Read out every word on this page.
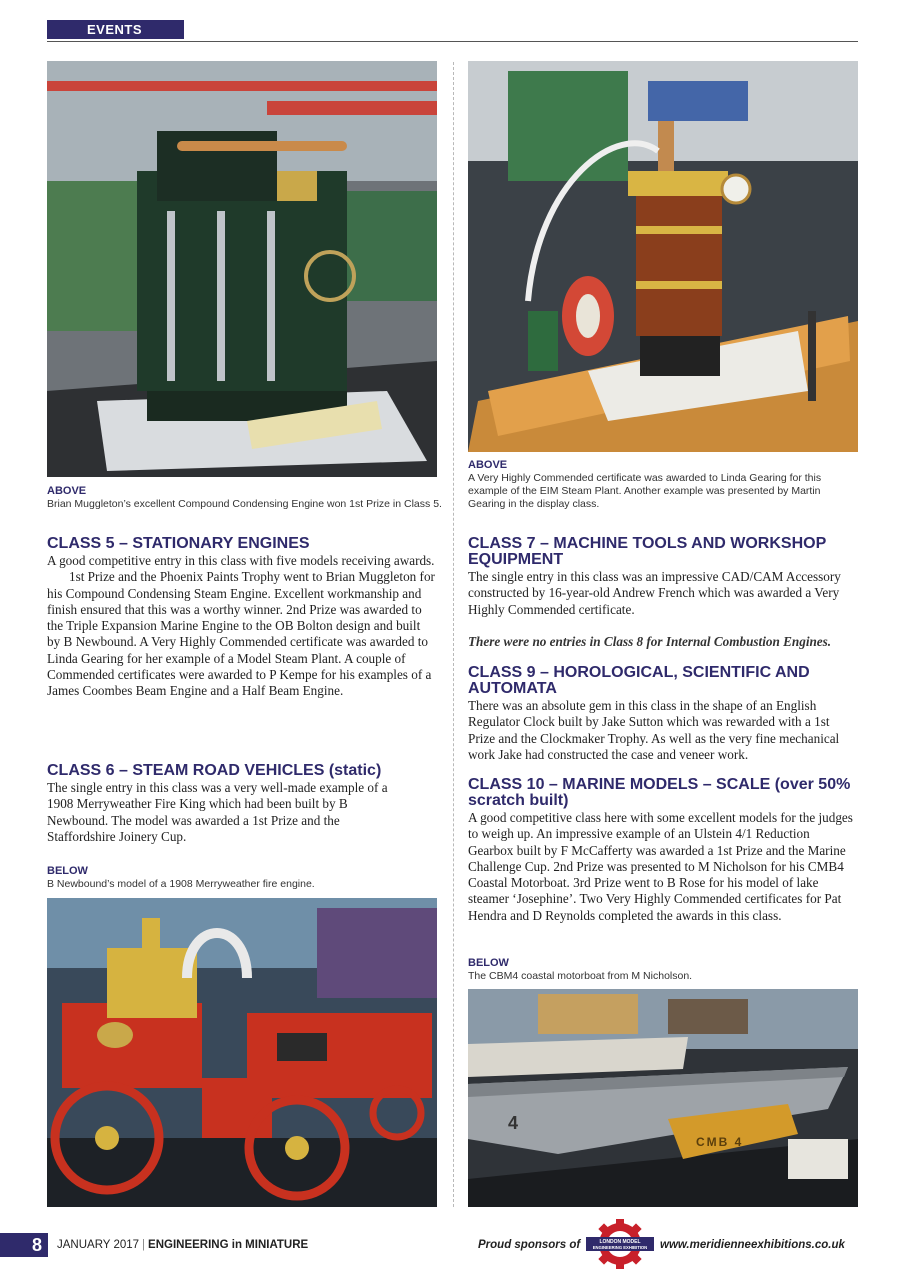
EVENTS
ABOVE
Brian Muggleton’s excellent Compound Condensing Engine won 1st Prize in Class 5.
ABOVE
A Very Highly Commended certificate was awarded to Linda Gearing for this example of the EIM Steam Plant. Another example was presented by Martin Gearing in the display class.
CLASS 5 – STATIONARY ENGINES

A good competitive entry in this class with five models receiving awards.

1st Prize and the Phoenix Paints Trophy went to Brian Muggleton for his Compound Condensing Steam Engine. Excellent workmanship and finish ensured that this was a worthy winner. 2nd Prize was awarded to the Triple Expansion Marine Engine to the OB Bolton design and built by B Newbound. A Very Highly Commended certificate was awarded to Linda Gearing for her example of a Model Steam Plant. A couple of Commended certificates were awarded to P Kempe for his examples of a James Coombes Beam Engine and a Half Beam Engine.

CLASS 6 – STEAM ROAD VEHICLES (static)

The single entry in this class was a very well-made example of a 1908 Merryweather Fire King which had been built by B Newbound. The model was awarded a 1st Prize and the Staffordshire Joinery Cup.

BELOW
B Newbound’s model of a 1908 Merryweather fire engine.
CLASS 7 – MACHINE TOOLS AND WORKSHOP EQUIPMENT

The single entry in this class was an impressive CAD/CAM Accessory constructed by 16-year-old Andrew French which was awarded a Very Highly Commended certificate.

There were no entries in Class 8 for Internal Combustion Engines.
CLASS 9 – HOROLOGICAL, SCIENTIFIC AND AUTOMATA

There was an absolute gem in this class in the shape of an English Regulator Clock built by Jake Sutton which was rewarded with a 1st Prize and the Clockmaker Trophy. As well as the very fine mechanical work Jake had constructed the case and veneer work.

CLASS 10 – MARINE MODELS – SCALE (over 50% scratch built)

A good competitive class here with some excellent models for the judges to weigh up. An impressive example of an Ulstein 4/1 Reduction Gearbox built by F McCafferty was awarded a 1st Prize and the Marine Challenge Cup. 2nd Prize was presented to M Nicholson for his CMB4 Coastal Motorboat. 3rd Prize went to B Rose for his model of lake steamer ‘Josephine’. Two Very Highly Commended certificates for Pat Hendra and D Reynolds completed the awards in this class.

BELOW
The CBM4 coastal motorboat from M Nicholson.
4
CMB 4
8	JANUARY 2017 | ENGINEERING in MINIATURE	Proud sponsors of	LONDON MODEL
ENGINEERING EXHIBITION www.meridienneexhibitions.co.uk
